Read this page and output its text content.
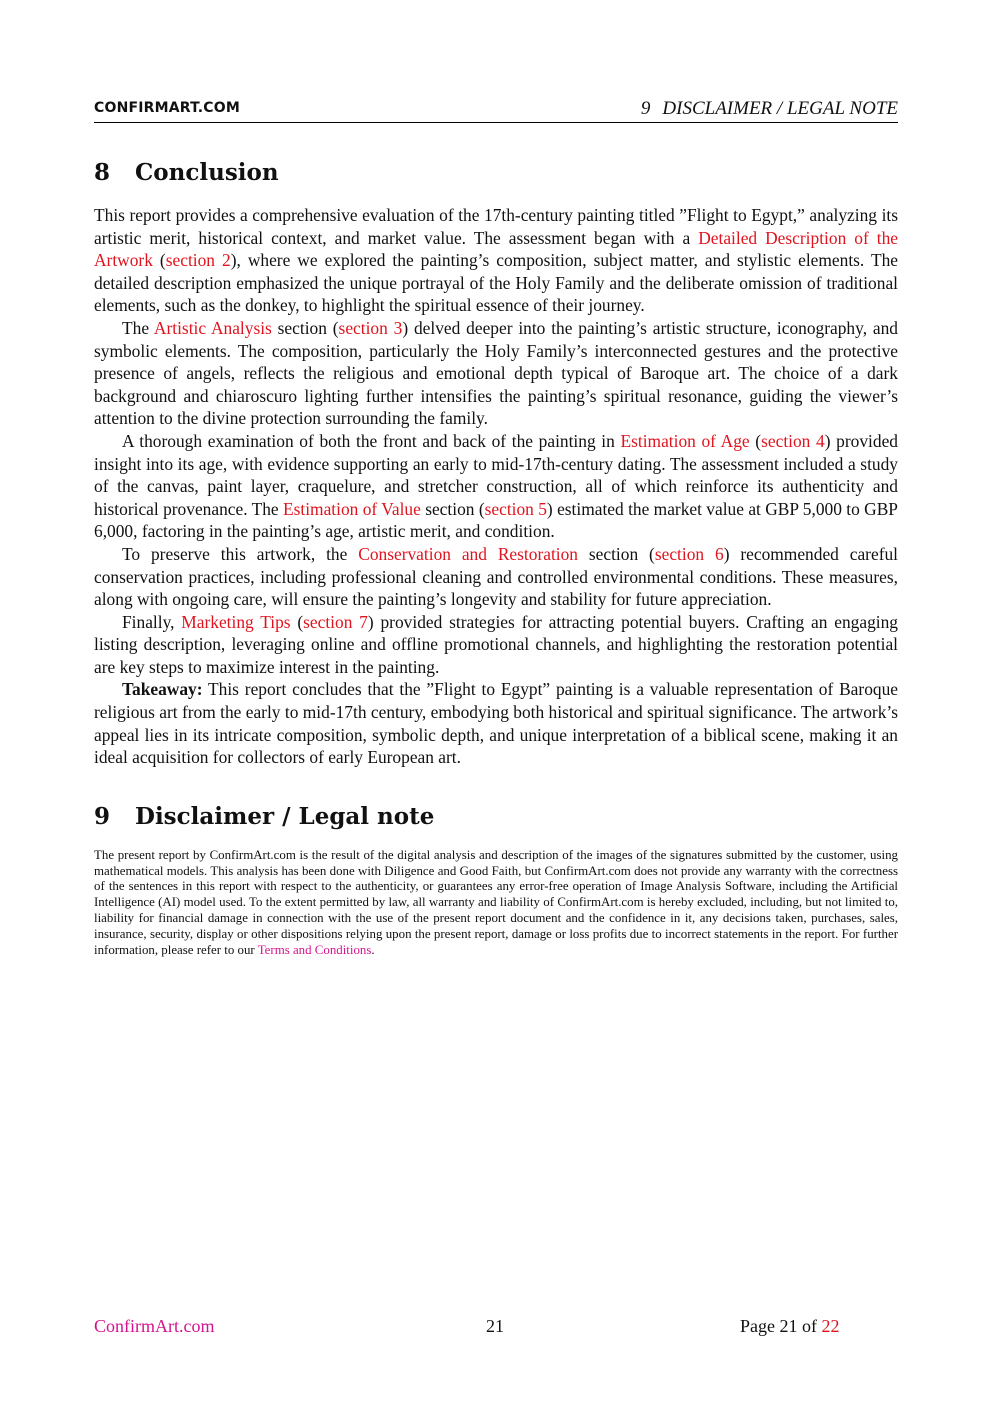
CONFIRMART.COM	9 DISCLAIMER / LEGAL NOTE
8 Conclusion

This report provides a comprehensive evaluation of the 17th-century painting titled ”Flight to Egypt,” analyzing its artistic merit, historical context, and market value. The assessment began with a Detailed Description of the Artwork (section 2), where we explored the painting’s composition, subject matter, and stylistic elements. The detailed description emphasized the unique portrayal of the Holy Family and the deliberate omission of traditional elements, such as the donkey, to highlight the spiritual essence of their journey.

The Artistic Analysis section (section 3) delved deeper into the painting’s artistic structure, iconography, and symbolic elements. The composition, particularly the Holy Family’s interconnected gestures and the protective presence of angels, reflects the religious and emotional depth typical of Baroque art. The choice of a dark background and chiaroscuro lighting further intensifies the painting’s spiritual resonance, guiding the viewer’s attention to the divine protection surrounding the family.

A thorough examination of both the front and back of the painting in Estimation of Age (section 4) provided insight into its age, with evidence supporting an early to mid-17th-century dating. The assessment included a study of the canvas, paint layer, craquelure, and stretcher construction, all of which reinforce its authenticity and historical provenance. The Estimation of Value section (section 5) estimated the market value at GBP 5,000 to GBP 6,000, factoring in the painting’s age, artistic merit, and condition.

To preserve this artwork, the Conservation and Restoration section (section 6) recommended careful conservation practices, including professional cleaning and controlled environmental conditions. These measures, along with ongoing care, will ensure the painting’s longevity and stability for future appreciation.

Finally, Marketing Tips (section 7) provided strategies for attracting potential buyers. Crafting an engaging listing description, leveraging online and offline promotional channels, and highlighting the restoration potential are key steps to maximize interest in the painting.

Takeaway: This report concludes that the ”Flight to Egypt” painting is a valuable representation of Baroque religious art from the early to mid-17th century, embodying both historical and spiritual significance. The artwork’s appeal lies in its intricate composition, symbolic depth, and unique interpretation of a biblical scene, making it an ideal acquisition for collectors of early European art.

9 Disclaimer / Legal note
The present report by ConfirmArt.com is the result of the digital analysis and description of the images of the signatures submitted by the customer, using mathematical models. This analysis has been done with Diligence and Good Faith, but ConfirmArt.com does not provide any warranty with the correctness of the sentences in this report with respect to the authenticity, or guarantees any error-free operation of Image Analysis Software, including the Artificial Intelligence (AI) model used. To the extent permitted by law, all warranty and liability of ConfirmArt.com is hereby excluded, including, but not limited to, liability for financial damage in connection with the use of the present report document and the confidence in it, any decisions taken, purchases, sales, insurance, security, display or other dispositions relying upon the present report, damage or loss profits due to incorrect statements in the report. For further information, please refer to our Terms and Conditions.
ConfirmArt.com	21	Page 21 of 22
